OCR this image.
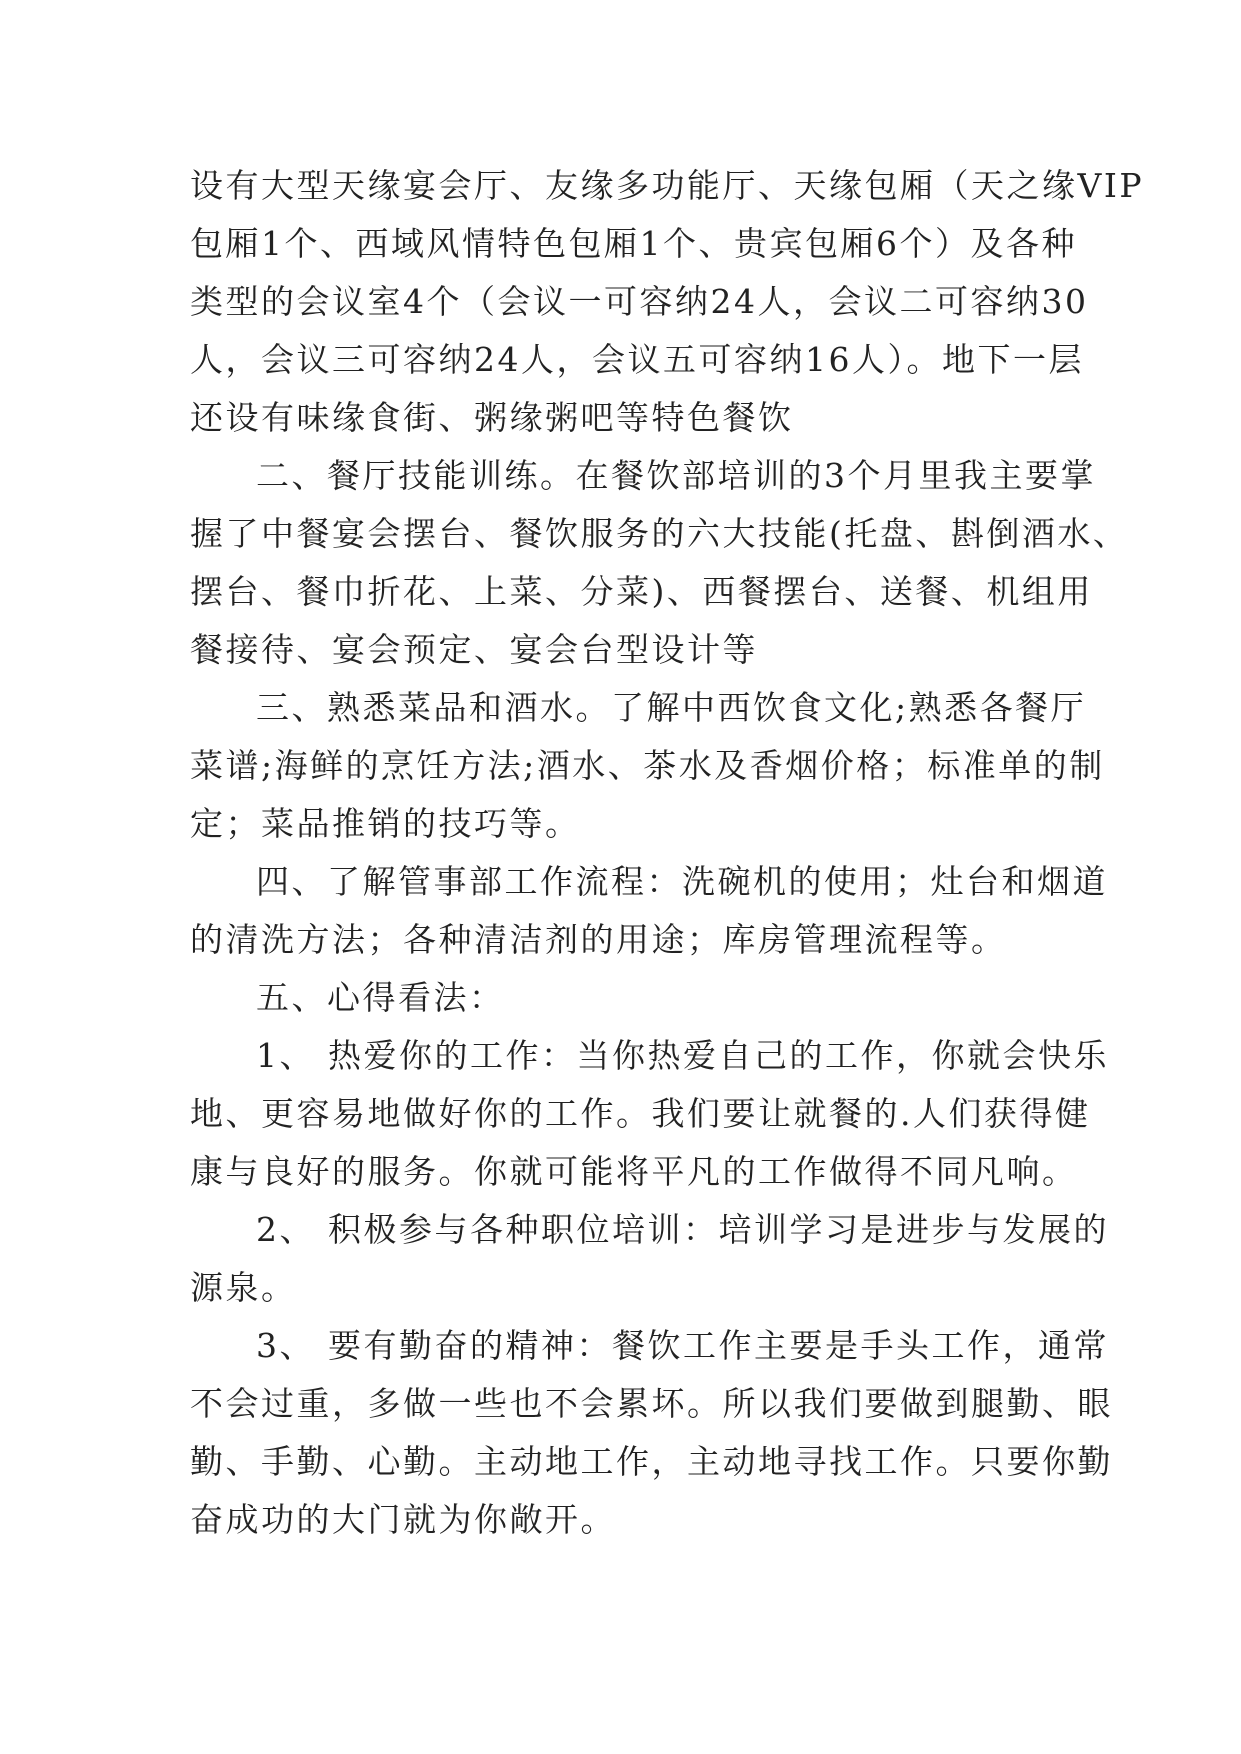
设有大型天缘宴会厅、友缘多功能厅、天缘包厢（天之缘VIP
包厢1个、西域风情特色包厢1个、贵宾包厢6个）及各种
类型的会议室4个（会议一可容纳24人，会议二可容纳30
人，会议三可容纳24人，会议五可容纳16人）。地下一层
还设有味缘食街、粥缘粥吧等特色餐饮
二、餐厅技能训练。在餐饮部培训的3个月里我主要掌
握了中餐宴会摆台、餐饮服务的六大技能(托盘、斟倒酒水、
摆台、餐巾折花、上菜、分菜)、西餐摆台、送餐、机组用
餐接待、宴会预定、宴会台型设计等
三、熟悉菜品和酒水。了解中西饮食文化;熟悉各餐厅
菜谱;海鲜的烹饪方法;酒水、茶水及香烟价格；标准单的制
定；菜品推销的技巧等。
四、了解管事部工作流程：洗碗机的使用；灶台和烟道
的清洗方法；各种清洁剂的用途；库房管理流程等。
五、心得看法：
1、 热爱你的工作：当你热爱自己的工作，你就会快乐
地、更容易地做好你的工作。我们要让就餐的.人们获得健
康与良好的服务。你就可能将平凡的工作做得不同凡响。
2、 积极参与各种职位培训：培训学习是进步与发展的
源泉。
3、 要有勤奋的精神：餐饮工作主要是手头工作，通常
不会过重，多做一些也不会累坏。所以我们要做到腿勤、眼
勤、手勤、心勤。主动地工作，主动地寻找工作。只要你勤
奋成功的大门就为你敞开。
